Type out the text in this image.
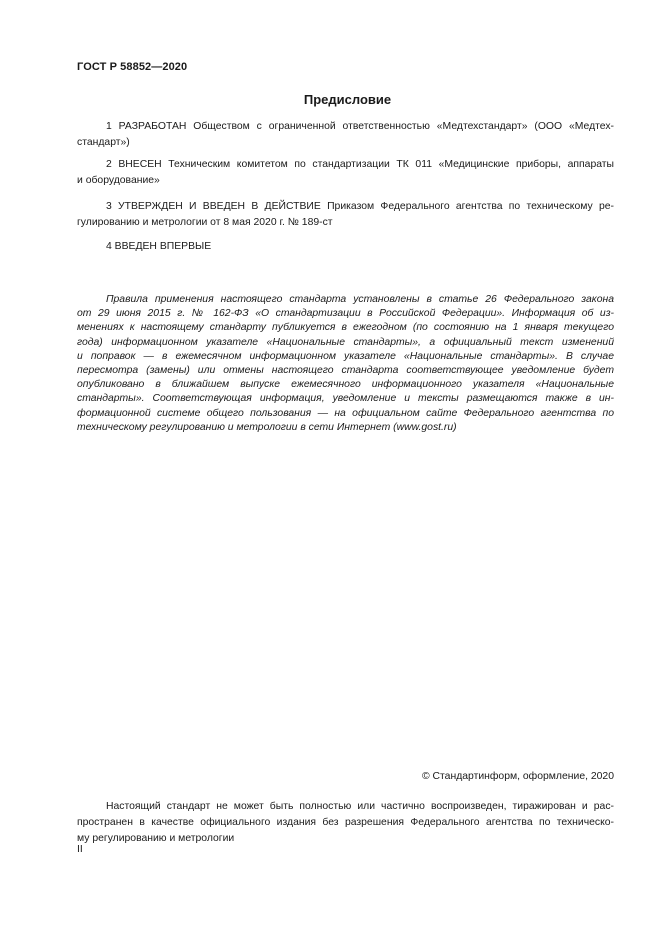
ГОСТ Р 58852—2020
Предисловие
1 РАЗРАБОТАН Обществом с ограниченной ответственностью «Медтехстандарт» (ООО «Медтех-
стандарт»)
2 ВНЕСЕН Техническим комитетом по стандартизации ТК 011 «Медицинские приборы, аппараты
и оборудование»
3 УТВЕРЖДЕН И ВВЕДЕН В ДЕЙСТВИЕ Приказом Федерального агентства по техническому ре-
гулированию и метрологии от 8 мая 2020 г. № 189-ст
4 ВВЕДЕН ВПЕРВЫЕ
Правила применения настоящего стандарта установлены в статье 26 Федерального закона
от 29 июня 2015 г. № 162-ФЗ «О стандартизации в Российской Федерации». Информация об из-
менениях к настоящему стандарту публикуется в ежегодном (по состоянию на 1 января текущего
года) информационном указателе «Национальные стандарты», а официальный текст изменений
и поправок — в ежемесячном информационном указателе «Национальные стандарты». В случае
пересмотра (замены) или отмены настоящего стандарта соответствующее уведомление будет
опубликовано в ближайшем выпуске ежемесячного информационного указателя «Национальные
стандарты». Соответствующая информация, уведомление и тексты размещаются также в ин-
формационной системе общего пользования — на официальном сайте Федерального агентства по
техническому регулированию и метрологии в сети Интернет (www.gost.ru)
© Стандартинформ, оформление, 2020
Настоящий стандарт не может быть полностью или частично воспроизведен, тиражирован и рас-
пространен в качестве официального издания без разрешения Федерального агентства по техническо-
му регулированию и метрологии
II
